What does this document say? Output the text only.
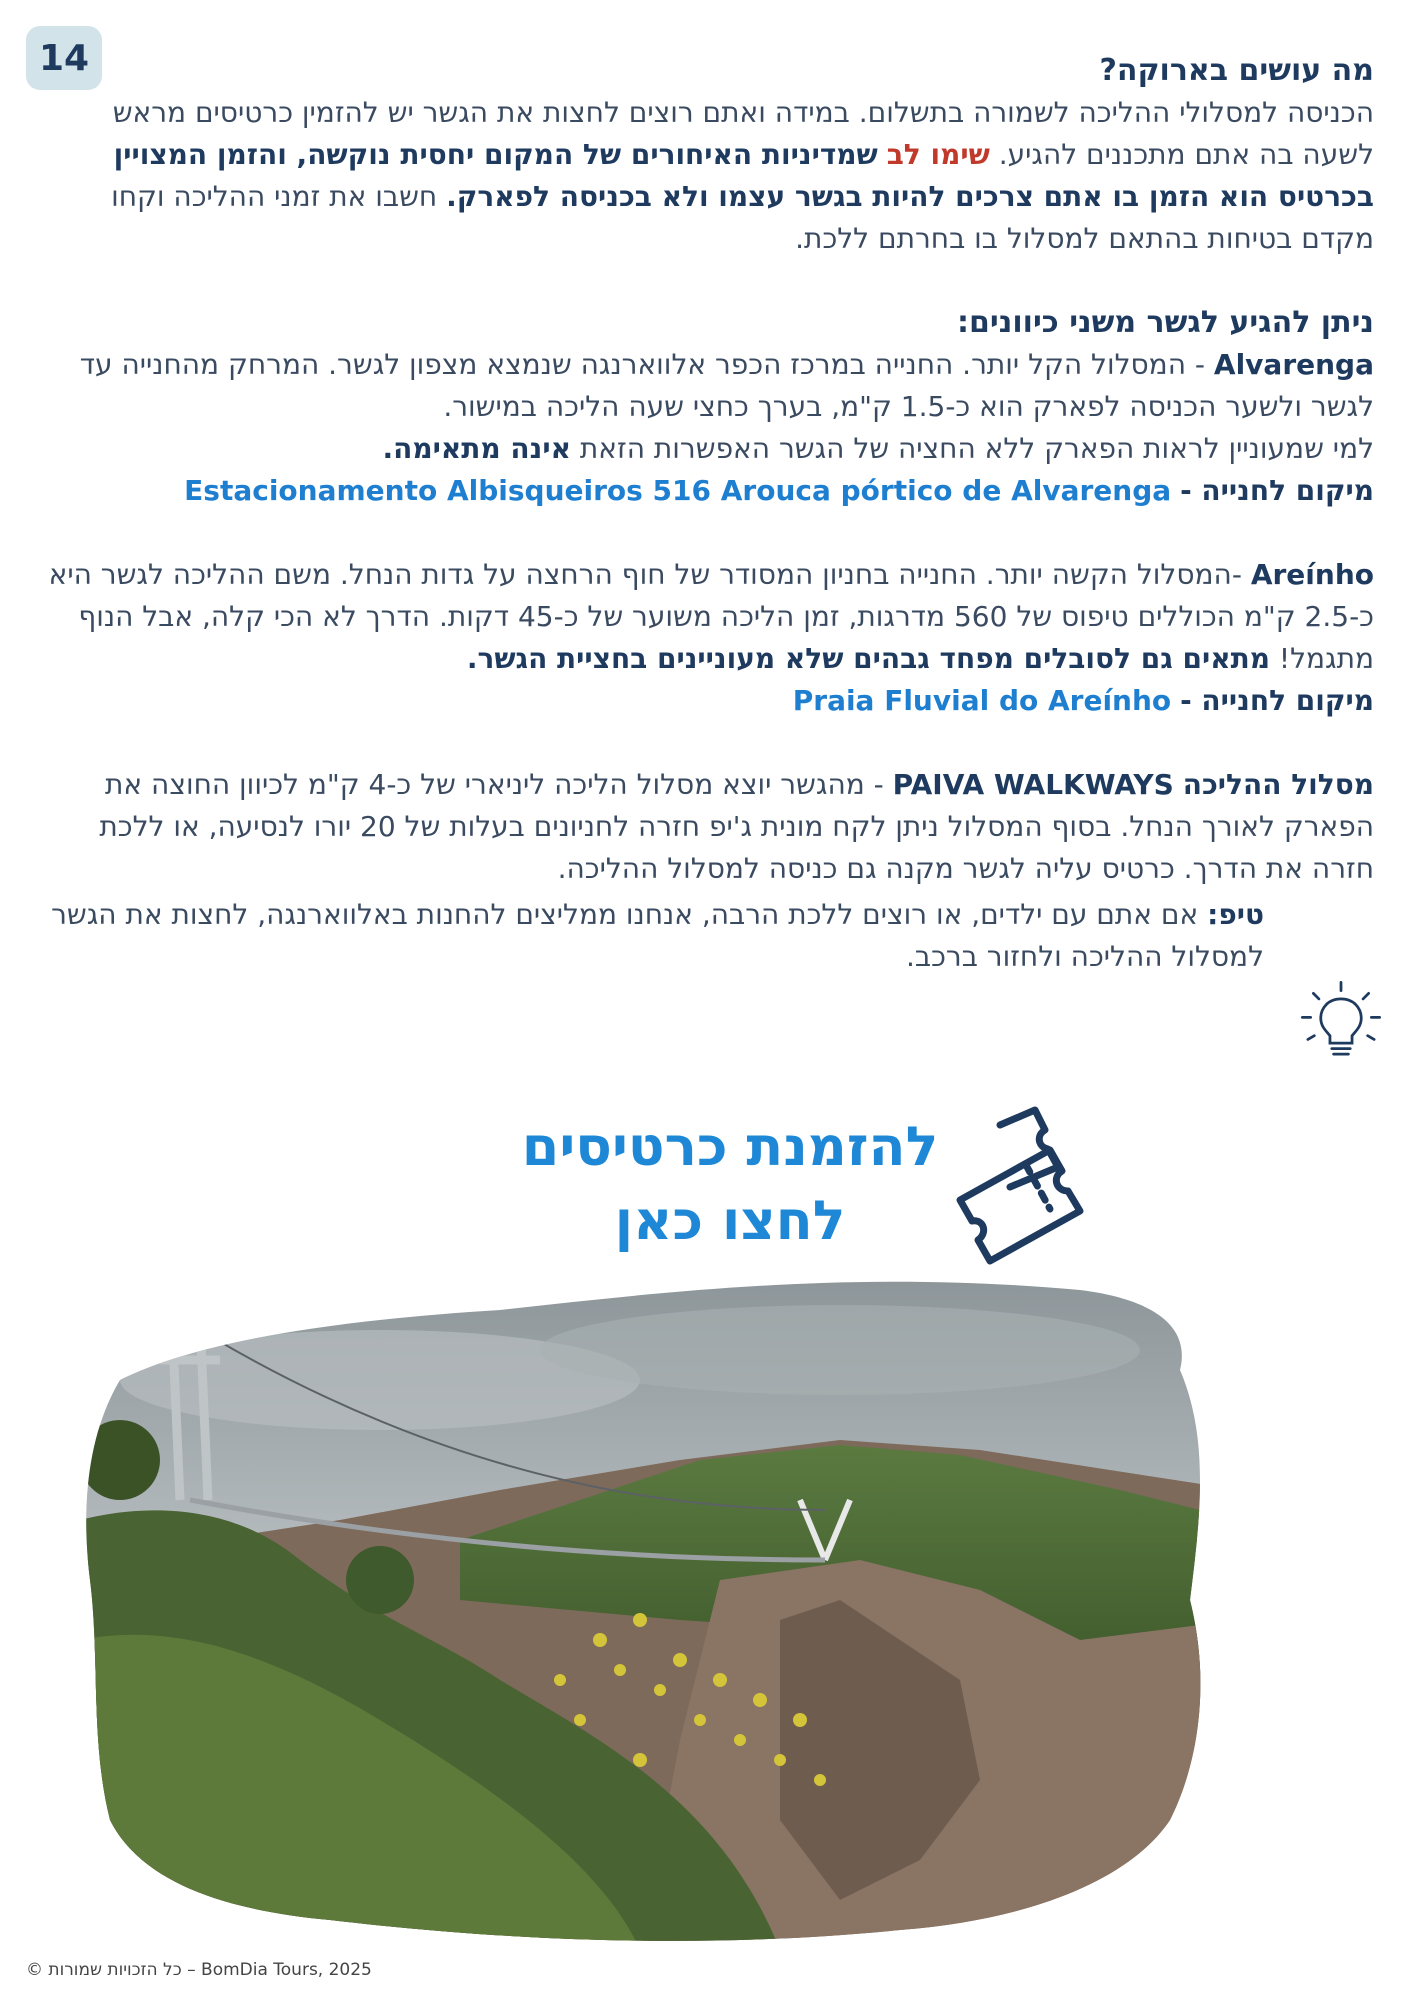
14	מה עושים בארוקה?

הכניסה למסלולי ההליכה לשמורה בתשלום. במידה ואתם רוצים לחצות את הגשר יש להזמין כרטיסים מראש לשעה בה אתם מתכננים להגיע. שימו לב שמדיניות האיחורים של המקום יחסית נוקשה, והזמן המצויין בכרטיס הוא הזמן בו אתם צרכים להיות בגשר עצמו ולא בכניסה לפארק. חשבו את זמני ההליכה וקחו מקדם בטיחות בהתאם למסלול בו בחרתם ללכת.

ניתן להגיע לגשר משני כיוונים:

Alvarenga - המסלול הקל יותר. החנייה במרכז הכפר אלווארנגה שנמצא מצפון לגשר. המרחק מהחנייה עד לגשר ולשער הכניסה לפארק הוא כ-1.5 ק"מ, בערך כחצי שעה הליכה במישור.

למי שמעוניין לראות הפארק ללא החציה של הגשר האפשרות הזאת אינה מתאימה.

מיקום לחנייה - Estacionamento Albisqueiros 516 Arouca pórtico de Alvarenga

Areínho -המסלול הקשה יותר. החנייה בחניון המסודר של חוף הרחצה על גדות הנחל. משם ההליכה לגשר היא כ-2.5 ק"מ הכוללים טיפוס של 560 מדרגות, זמן הליכה משוער של כ-45 דקות. הדרך לא הכי קלה, אבל הנוף מתגמל! מתאים גם לסובלים מפחד גבהים שלא מעוניינים בחציית הגשר.

מיקום לחנייה - Praia Fluvial do Areínho

מסלול ההליכה PAIVA WALKWAYS - מהגשר יוצא מסלול הליכה ליניארי של כ-4 ק"מ לכיוון החוצה את הפארק לאורך הנחל. בסוף המסלול ניתן לקח מונית ג'יפ חזרה לחניונים בעלות של 20 יורו לנסיעה, או ללכת חזרה את הדרך. כרטיס עליה לגשר מקנה גם כניסה למסלול ההליכה.

טיפ: אם אתם עם ילדים, או רוצים ללכת הרבה, אנחנו ממליצים להחנות באלווארנגה, לחצות את הגשר למסלול ההליכה ולחזור ברכב.
להזמנת כרטיסים
לחצו כאן
© כל הזכויות שמורות – BomDia Tours, 2025
